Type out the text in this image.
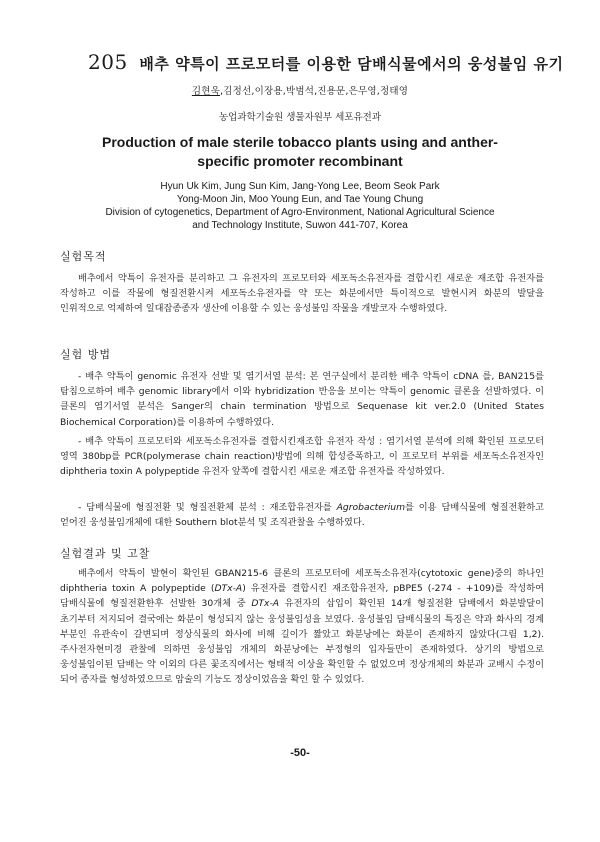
205 배추 약특이 프로모터를 이용한 담배식물에서의 웅성불임 유기
김현욱,김정선,이장용,박범석,진용문,은무영,정태영
농업과학기술원 생물자원부 세포유전과
Production of male sterile tobacco plants using and anther-specific promoter recombinant
Hyun Uk Kim, Jung Sun Kim, Jang-Yong Lee, Beom Seok Park
Yong-Moon Jin, Moo Young Eun, and Tae Young Chung
Division of cytogenetics, Department of Agro-Environment, National Agricultural Science
and Technology Institute, Suwon 441-707, Korea
실험목적
배추에서 약특이 유전자를 분리하고 그 유전자의 프로모터와 세포독소유전자를 결합시킨 새로운 재조합 유전자를 작성하고 이를 작물에 형질전환시켜 세포독소유전자를 약 또는 화분에서만 특이적으로 발현시켜 화분의 발달을 인위적으로 억제하여 일대잡종종자 생산에 이용할 수 있는 웅성불임 작물을 개발코자 수행하였다.
실험 방법
- 배추 약특이 genomic 유전자 선발 및 염기서열 분석: 본 연구실에서 분리한 배추 약특이 cDNA 를, BAN215를 탐침으로하여 배추 genomic library에서 이와 hybridization 반응을 보이는 약특이 genomic 클론을 선발하였다. 이 클론의 염기서열 분석은 Sanger의 chain termination 방법으로 Sequenase kit ver.2.0 (United States Biochemical Corporation)를 이용하여 수행하였다.
- 배추 약특이 프로모터와 세포독소유전자를 결합시킨재조합 유전자 작성 : 염기서열 분석에 의해 확인된 프로모터 영역 380bp를 PCR(polymerase chain reaction)방법에 의해 합성증폭하고, 이 프로모터 부위를 세포독소유전자인 diphtheria toxin A polypeptide 유전자 앞쪽에 결합시킨 새로운 재조합 유전자를 작성하였다.
- 담배식물에 형질전환 및 형질전환체 분석 : 재조합유전자를 Agrobacterium를 이용 담배식물에 형질전환하고 얻어진 웅성불임개체에 대한 Southern blot분석 및 조직관찰을 수행하였다.
실험결과 및 고찰
배추에서 약특이 발현이 확인된 GBAN215-6 클론의 프로모터에 세포독소유전자(cytotoxic gene)중의 하나인 diphtheria toxin A polypeptide (DTx-A) 유전자를 결합시킨 재조합유전자, pBPE5 (-274 - +109)를 작성하여 담배식물에 형질전환한후 선발한 30개체 중 DTx-A 유전자의 삽입이 확인된 14개 형질전환 담배에서 화분발달이 초기부터 저지되어 결국에는 화분이 형성되지 않는 웅성불임성을 보였다. 웅성불임 담배식물의 특징은 약과 화사의 경계 부분인 유관속이 갈변되며 정상식물의 화사에 비해 길이가 짧았고 화분낭에는 화분이 존재하지 않았다(그림 1,2). 주사전자현미경 관찰에 의하면 웅성불임 개체의 화분낭에는 부정형의 입자들만이 존재하였다. 상기의 방법으로 웅성불임이된 담배는 약 이외의 다른 꽃조직에서는 형태적 이상을 확인할 수 없었으며 정상개체의 화분과 교배시 수정이 되어 종자를 형성하였으므로 암술의 기능도 정상이었음을 확인 할 수 있었다.
-50-
